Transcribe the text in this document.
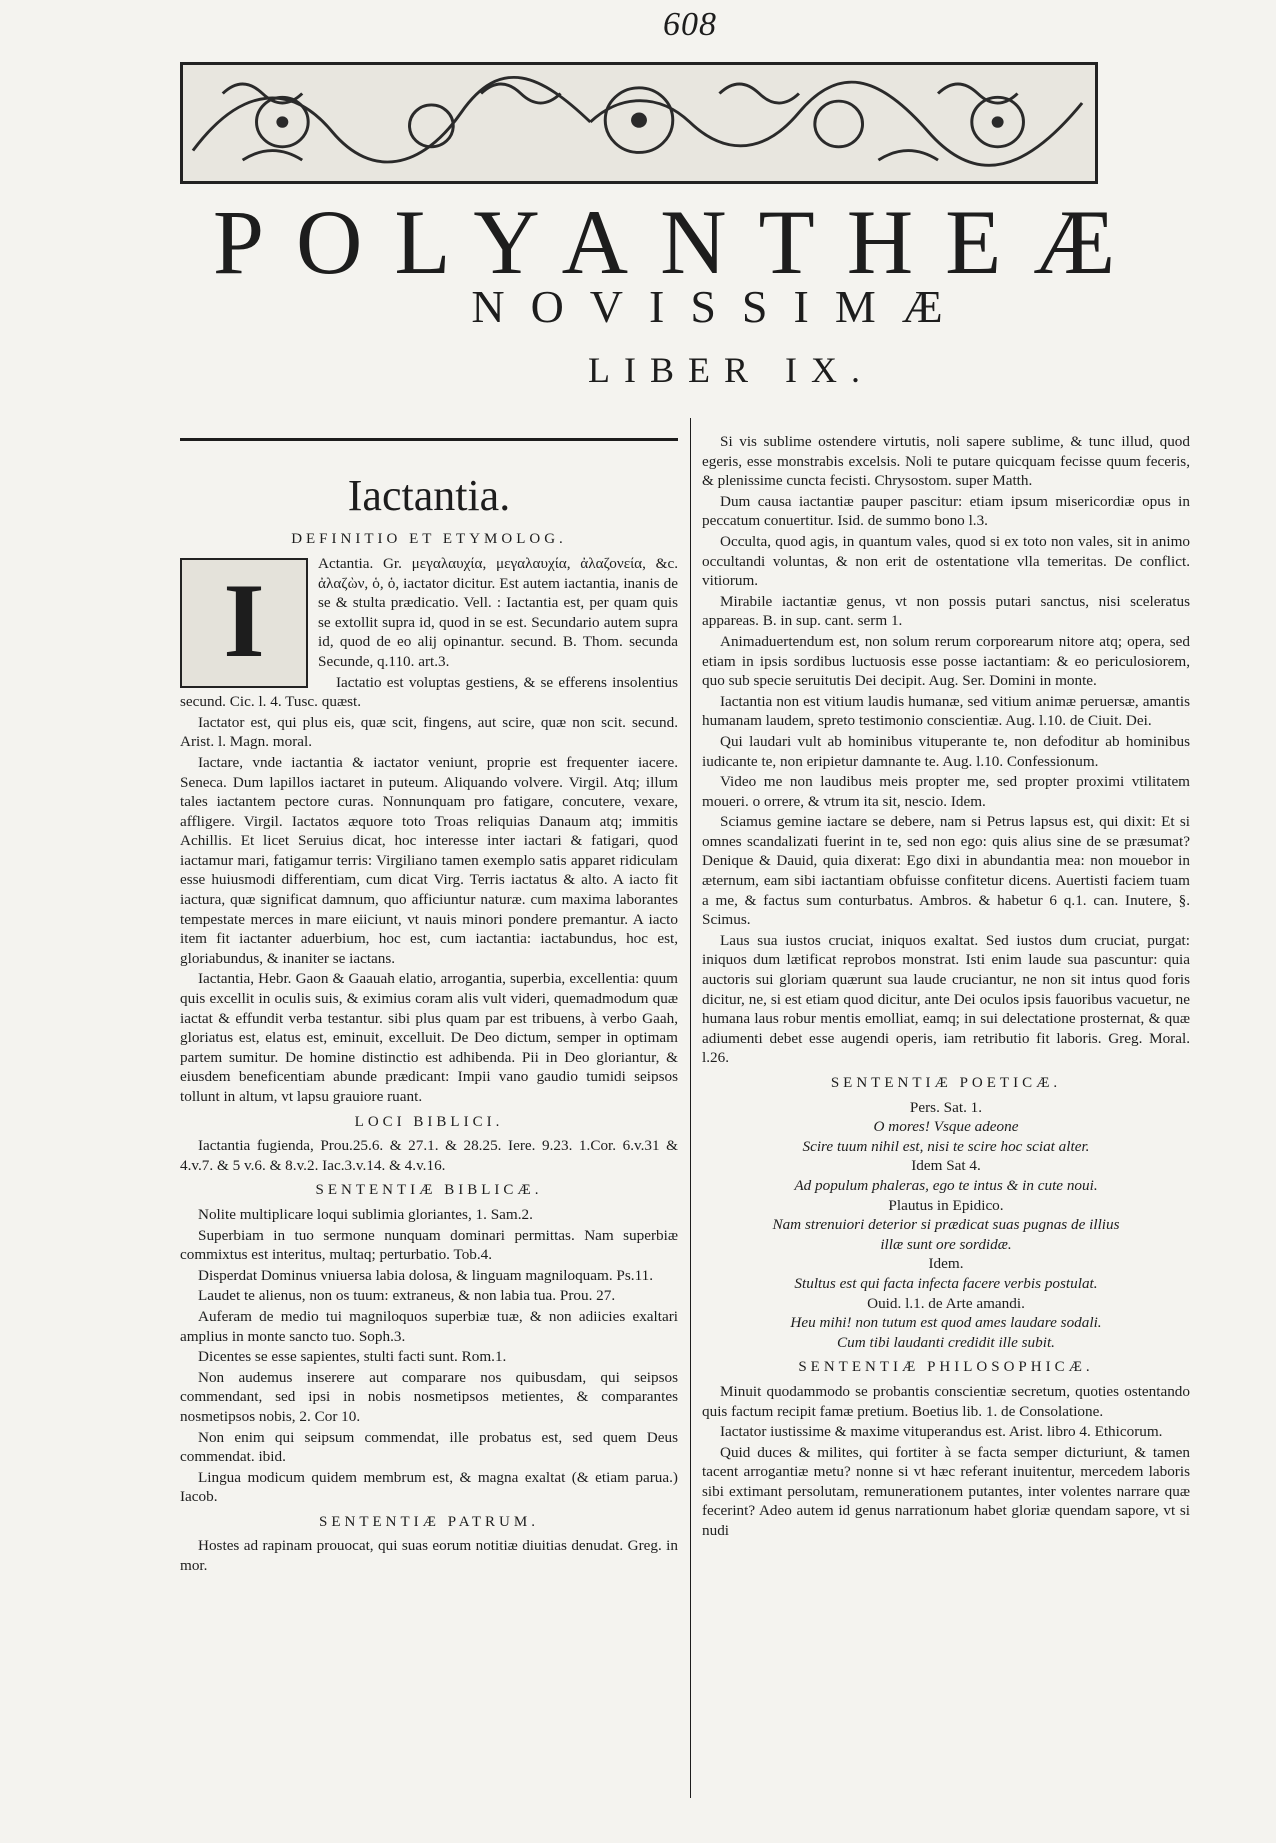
608
POLYANTHEÆ
NOVISSIMÆ
LIBER IX.
Iactantia.
DEFINITIO ET ETYMOLOG.
I	Actantia. Gr. μεγαλαυχία, μεγαλαυχία, ἀλαζονεία, &c. ἀλαζὼν, ὁ, ὁ, iactator dicitur. Est autem iactantia, inanis de se & stulta prædicatio. Vell. : Iactantia est, per quam quis se extollit supra id, quod in se est. Secundario autem supra id, quod de eo alij opinantur. secund. B. Thom. secunda Secunde, q.110. art.3.

Iactatio est voluptas gestiens, & se efferens insolentius secund. Cic. l. 4. Tusc. quæst.

Iactator est, qui plus eis, quæ scit, fingens, aut scire, quæ non scit. secund. Arist. l. Magn. moral.

Iactare, vnde iactantia & iactator veniunt, proprie est frequenter iacere. Seneca. Dum lapillos iactaret in puteum. Aliquando volvere. Virgil. Atq; illum tales iactantem pectore curas. Nonnunquam pro fatigare, concutere, vexare, affligere. Virgil. Iactatos æquore toto Troas reliquias Danaum atq; immitis Achillis. Et licet Seruius dicat, hoc interesse inter iactari & fatigari, quod iactamur mari, fatigamur terris: Virgiliano tamen exemplo satis apparet ridiculam esse huiusmodi differentiam, cum dicat Virg. Terris iactatus & alto. A iacto fit iactura, quæ significat damnum, quo afficiuntur naturæ. cum maxima laborantes tempestate merces in mare eiiciunt, vt nauis minori pondere premantur. A iacto item fit iactanter aduerbium, hoc est, cum iactantia: iactabundus, hoc est, gloriabundus, & inaniter se iactans.

Iactantia, Hebr. Gaon & Gaauah elatio, arrogantia, superbia, excellentia: quum quis excellit in oculis suis, & eximius coram alis vult videri, quemadmodum quæ iactat & effundit verba testantur. sibi plus quam par est tribuens, à verbo Gaah, gloriatus est, elatus est, eminuit, excelluit. De Deo dictum, semper in optimam partem sumitur. De homine distinctio est adhibenda. Pii in Deo gloriantur, & eiusdem beneficentiam abunde prædicant: Impii vano gaudio tumidi seipsos tollunt in altum, vt lapsu grauiore ruant.

LOCI BIBLICI.

Iactantia fugienda, Prou.25.6. & 27.1. & 28.25. Iere. 9.23. 1.Cor. 6.v.31 & 4.v.7. & 5 v.6. & 8.v.2. Iac.3.v.14. & 4.v.16.

SENTENTIÆ BIBLICÆ.

Nolite multiplicare loqui sublimia gloriantes, 1. Sam.2.

Superbiam in tuo sermone nunquam dominari permittas. Nam superbiæ commixtus est interitus, multaq; perturbatio. Tob.4.

Disperdat Dominus vniuersa labia dolosa, & linguam magniloquam. Ps.11.

Laudet te alienus, non os tuum: extraneus, & non labia tua. Prou. 27.

Auferam de medio tui magniloquos superbiæ tuæ, & non adiicies exaltari amplius in monte sancto tuo. Soph.3.

Dicentes se esse sapientes, stulti facti sunt. Rom.1.

Non audemus inserere aut comparare nos quibusdam, qui seipsos commendant, sed ipsi in nobis nosmetipsos metientes, & comparantes nosmetipsos nobis, 2. Cor 10.

Non enim qui seipsum commendat, ille probatus est, sed quem Deus commendat. ibid.

Lingua modicum quidem membrum est, & magna exaltat (& etiam parua.) Iacob.

SENTENTIÆ PATRUM.

Hostes ad rapinam prouocat, qui suas eorum notitiæ diuitias denudat. Greg. in mor.

Si vis sublime ostendere virtutis, noli sapere sublime, & tunc illud, quod egeris, esse monstrabis excelsis. Noli te putare quicquam fecisse quum feceris, & plenissime cuncta fecisti. Chrysostom. super Matth.

Dum causa iactantiæ pauper pascitur: etiam ipsum misericordiæ opus in peccatum conuertitur. Isid. de summo bono l.3.

Occulta, quod agis, in quantum vales, quod si ex toto non vales, sit in animo occultandi voluntas, & non erit de ostentatione vlla temeritas. De conflict. vitiorum.

Mirabile iactantiæ genus, vt non possis putari sanctus, nisi sceleratus appareas. B. in sup. cant. serm 1.

Animaduertendum est, non solum rerum corporearum nitore atq; opera, sed etiam in ipsis sordibus luctuosis esse posse iactantiam: & eo periculosiorem, quo sub specie seruitutis Dei decipit. Aug. Ser. Domini in monte.

Iactantia non est vitium laudis humanæ, sed vitium animæ peruersæ, amantis humanam laudem, spreto testimonio conscientiæ. Aug. l.10. de Ciuit. Dei.

Qui laudari vult ab hominibus vituperante te, non defoditur ab hominibus iudicante te, non eripietur damnante te. Aug. l.10. Confessionum.

Video me non laudibus meis propter me, sed propter proximi vtilitatem moueri. o orrere, & vtrum ita sit, nescio. Idem.

Sciamus gemine iactare se debere, nam si Petrus lapsus est, qui dixit: Et si omnes scandalizati fuerint in te, sed non ego: quis alius sine de se præsumat? Denique & Dauid, quia dixerat: Ego dixi in abundantia mea: non mouebor in æternum, eam sibi iactantiam obfuisse confitetur dicens. Auertisti faciem tuam a me, & factus sum conturbatus. Ambros. & habetur 6 q.1. can. Inutere, §. Scimus.

Laus sua iustos cruciat, iniquos exaltat. Sed iustos dum cruciat, purgat: iniquos dum lætificat reprobos monstrat. Isti enim laude sua pascuntur: quia auctoris sui gloriam quærunt sua laude cruciantur, ne non sit intus quod foris dicitur, ne, si est etiam quod dicitur, ante Dei oculos ipsis fauoribus vacuetur, ne humana laus robur mentis emolliat, eamq; in sui delectatione prosternat, & quæ adiumenti debet esse augendi operis, iam retributio fit laboris. Greg. Moral. l.26.

SENTENTIÆ POETICÆ.
Pers. Sat. 1.
O mores! Vsque adeone
Scire tuum nihil est, nisi te scire hoc sciat alter.
Idem Sat 4.
Ad populum phaleras, ego te intus & in cute noui.
Plautus in Epidico.
Nam strenuiori deterior si prædicat suas pugnas de illius
illæ sunt ore sordidæ.
Idem.
Stultus est qui facta infecta facere verbis postulat.
Ouid. l.1. de Arte amandi.
Heu mihi! non tutum est quod ames laudare sodali.
Cum tibi laudanti credidit ille subit.
SENTENTIÆ PHILOSOPHICÆ.

Minuit quodammodo se probantis conscientiæ secretum, quoties ostentando quis factum recipit famæ pretium. Boetius lib. 1. de Consolatione.

Iactator iustissime & maxime vituperandus est. Arist. libro 4. Ethicorum.

Quid duces & milites, qui fortiter à se facta semper dicturiunt, & tamen tacent arrogantiæ metu? nonne si vt hæc referant inuitentur, mercedem laboris sibi extimant persolutam, remunerationem putantes, inter volentes narrare quæ fecerint? Adeo autem id genus narrationum habet gloriæ quendam sapore, vt si nudi
